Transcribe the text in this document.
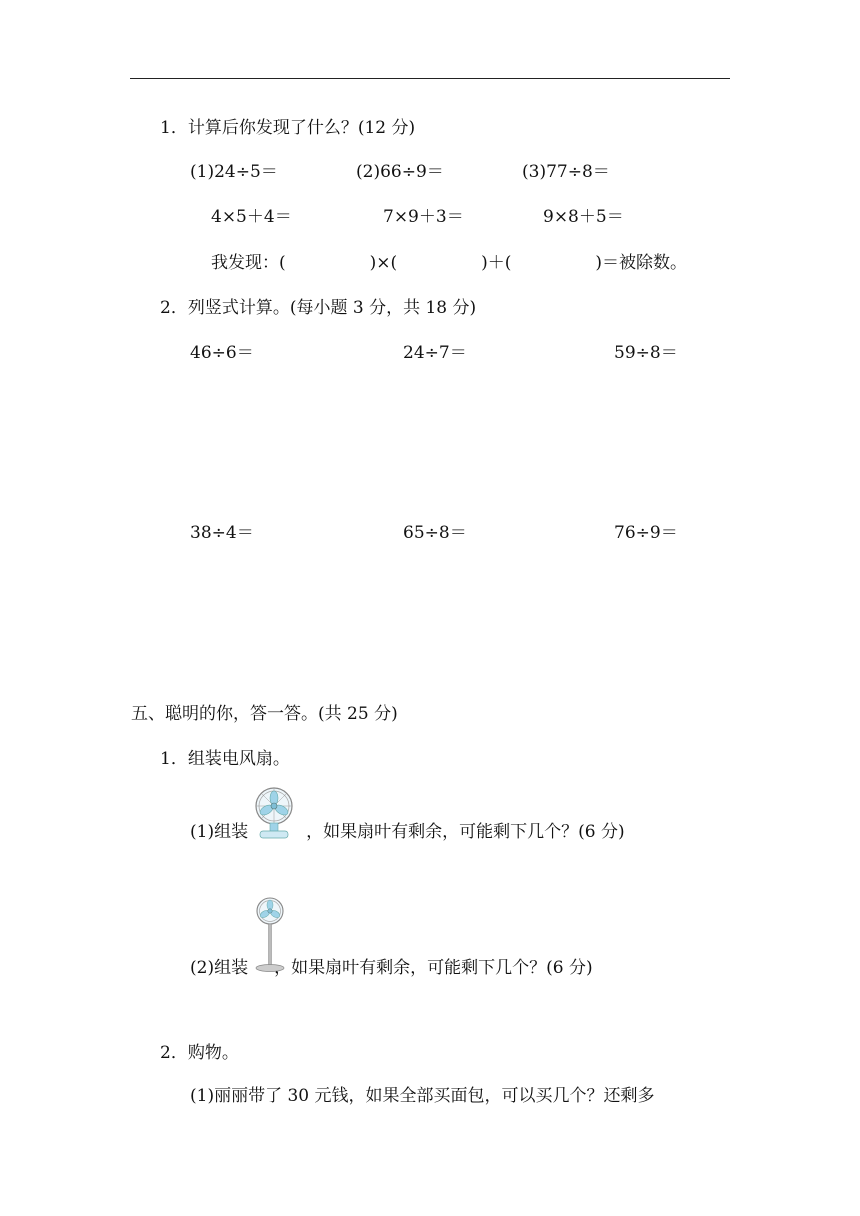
1．计算后你发现了什么？(12 分)
(1)24÷5＝	(2)66÷9＝	(3)77÷8＝
4×5＋4＝	7×9＋3＝	9×8＋5＝
我发现：(	)×(	)＋(	)＝被除数。
2．列竖式计算。(每小题 3 分，共 18 分)
46÷6＝	24÷7＝	59÷8＝
38÷4＝	65÷8＝	76÷9＝
五、聪明的你，答一答。(共 25 分)
1．组装电风扇。
(1)组装	，如果扇叶有剩余，可能剩下几个？(6 分)
(2)组装 ，如果扇叶有剩余，可能剩下几个？(6 分)
2．购物。
(1)丽丽带了 30 元钱，如果全部买面包，可以买几个？还剩多
